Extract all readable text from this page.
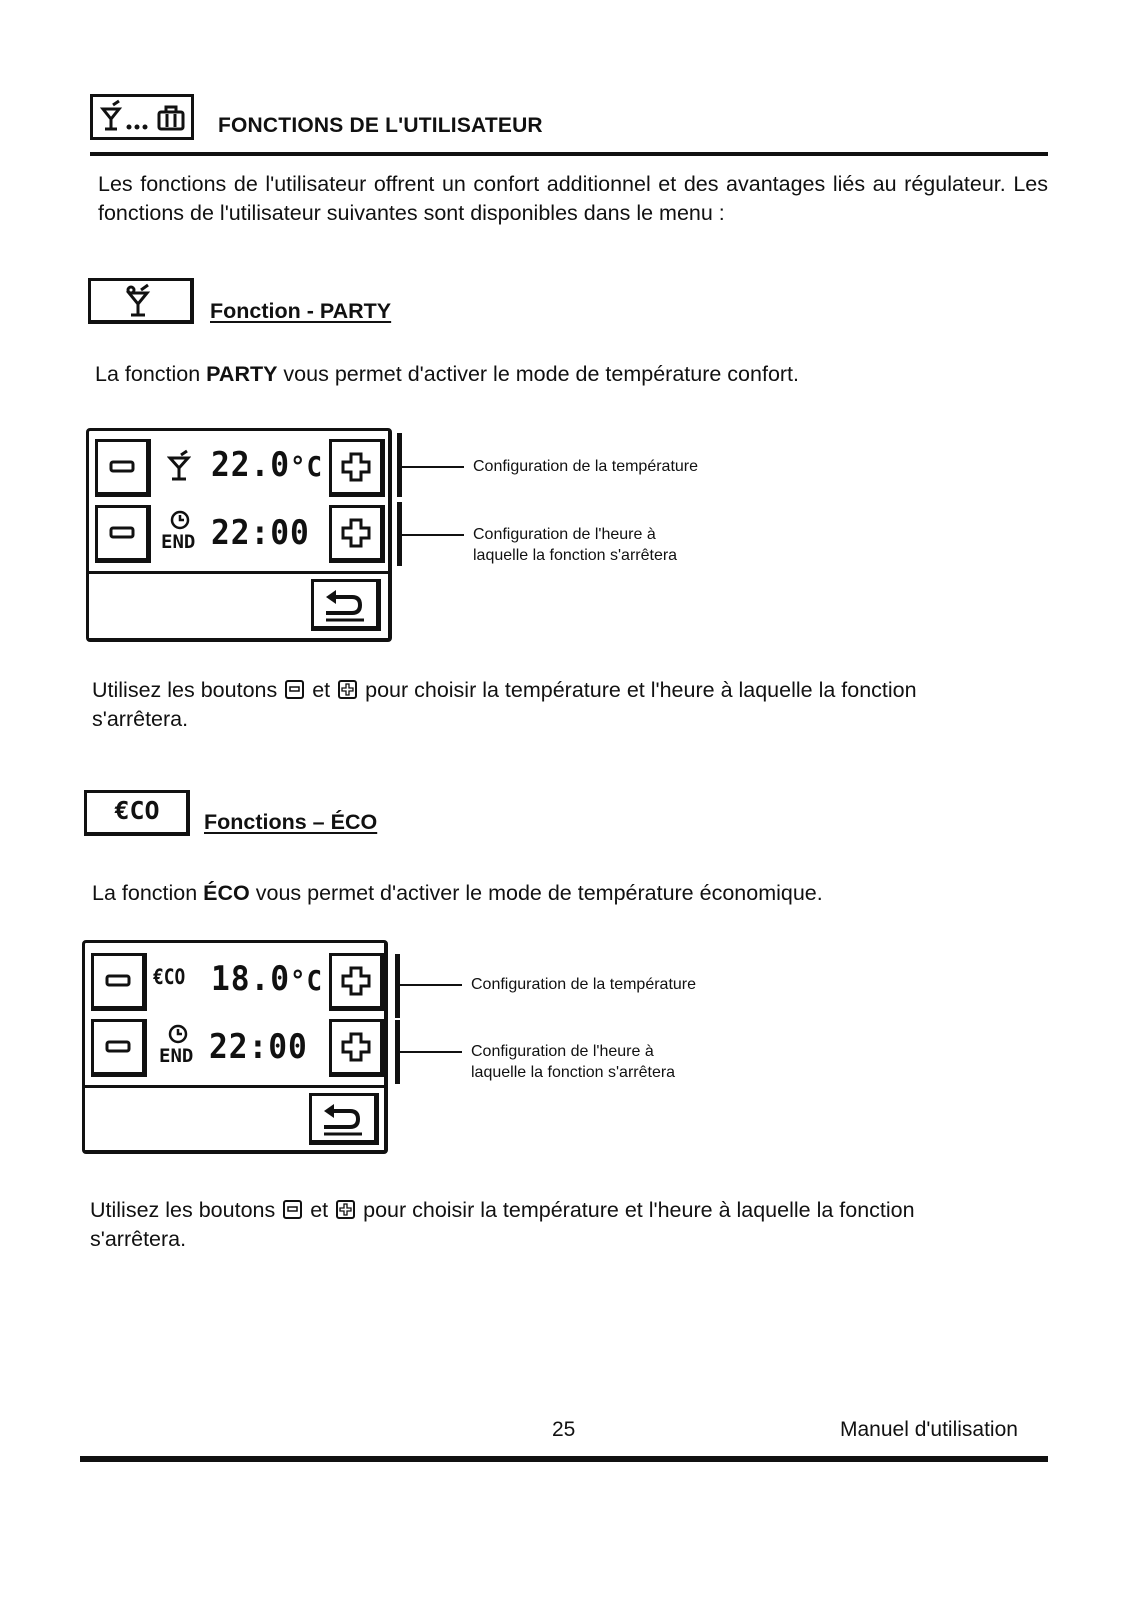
FONCTIONS DE L'UTILISATEUR
Les fonctions de l'utilisateur offrent un confort additionnel et des avantages liés au régulateur. Les fonctions de l'utilisateur suivantes sont disponibles dans le menu :
Fonction - PARTY
La fonction PARTY vous permet d'activer le mode de température confort.
22.0°C
END 22:00
Configuration de la température
Configuration de l'heure à
laquelle la fonction s'arrêtera
Utilisez les boutons et pour choisir la température et l'heure à laquelle la fonction
s'arrêtera.
€CO	Fonctions – ÉCO
La fonction ÉCO vous permet d'activer le mode de température économique.
€CO 18.0°C
END 22:00
Configuration de la température
Configuration de l'heure à
laquelle la fonction s'arrêtera
Utilisez les boutons et pour choisir la température et l'heure à laquelle la fonction
s'arrêtera.
25	Manuel d'utilisation
